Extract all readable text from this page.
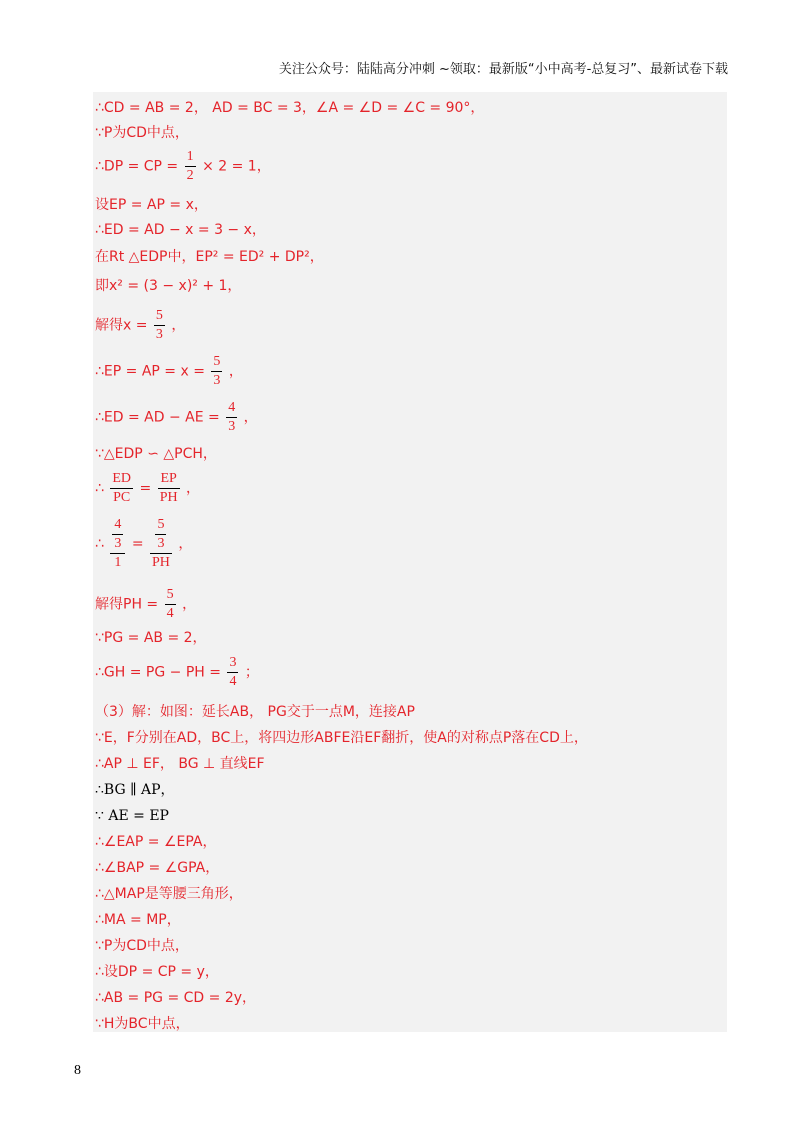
关注公众号：陆陆高分冲刺 ~领取：最新版“小中高考-总复习”、最新试卷下载
∴CD = AB = 2， AD = BC = 3，∠A = ∠D = ∠C = 90°，
∵P为CD中点，
∴DP = CP = $\frac{1}{2} \times 2 = 1$，
设EP = AP = x，
∴ED = AD − x = 3 − x，
在Rt △EDP中，EP² = ED² + DP²，
即x² = (3 − x)² + 1，
解得$x = \frac{5}{3}$ ，
∴EP = AP = $x = \frac{5}{3}$ ，
∴ED = AD − AE = $\frac{4}{3}$ ，
∵△EDP ∽ △PCH，
∴ $\frac{ED}{PC} = \frac{EP}{PH}$ ，
∴ $\frac{\frac{4}{3}}{1} = \frac{\frac{5}{3}}{PH}$ ，
解得PH = $\frac{5}{4}$ ，
∵PG = AB = 2，
∴GH = PG − PH = $\frac{3}{4}$ ；
（3）解：如图：延长AB， PG交于一点M，连接AP
∵E，F分别在AD，BC上，将四边形ABFE沿EF翻折，使A的对称点P落在CD上，
∴AP ⊥ EF， BG ⊥ 直线EF
∴BG ∥ AP，
∵ AE = EP
∴∠EAP = ∠EPA，
∴∠BAP = ∠GPA，
∴△MAP是等腰三角形，
∴MA = MP，
∵P为CD中点，
∴设DP = CP = y，
∴AB = PG = CD = 2y，
∵H为BC中点，
8
